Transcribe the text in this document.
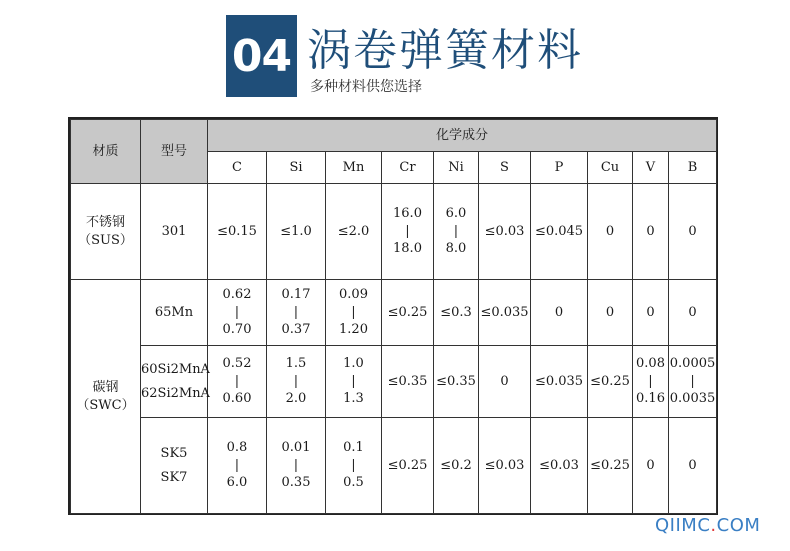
04 涡卷弹簧材料
多种材料供您选择
材质	型号	化学成分									
		C	Si	Mn	Cr	Ni	S	P	Cu	V	B

不锈钢
（SUS）	301	≤0.15	≤1.0	≤2.0	16.0
|
18.0	6.0
|
8.0	≤0.03	≤0.045	0	0	0

碳钢
（SWC）	65Mn	0.62
|
0.70	0.17
|
0.37	0.09
|
1.20	≤0.25	≤0.3	≤0.035	0	0	0	0

	60Si2MnA
62Si2MnA	0.52
|
0.60	1.5
|
2.0	1.0
|
1.3	≤0.35	≤0.35	0	≤0.035	≤0.25	0.08
|
0.16	0.0005
|
0.0035

	SK5
SK7	0.8
|
6.0	0.01
|
0.35	0.1
|
0.5	≤0.25	≤0.2	≤0.03	≤0.03	≤0.25	0	0
QIIMC.COM
